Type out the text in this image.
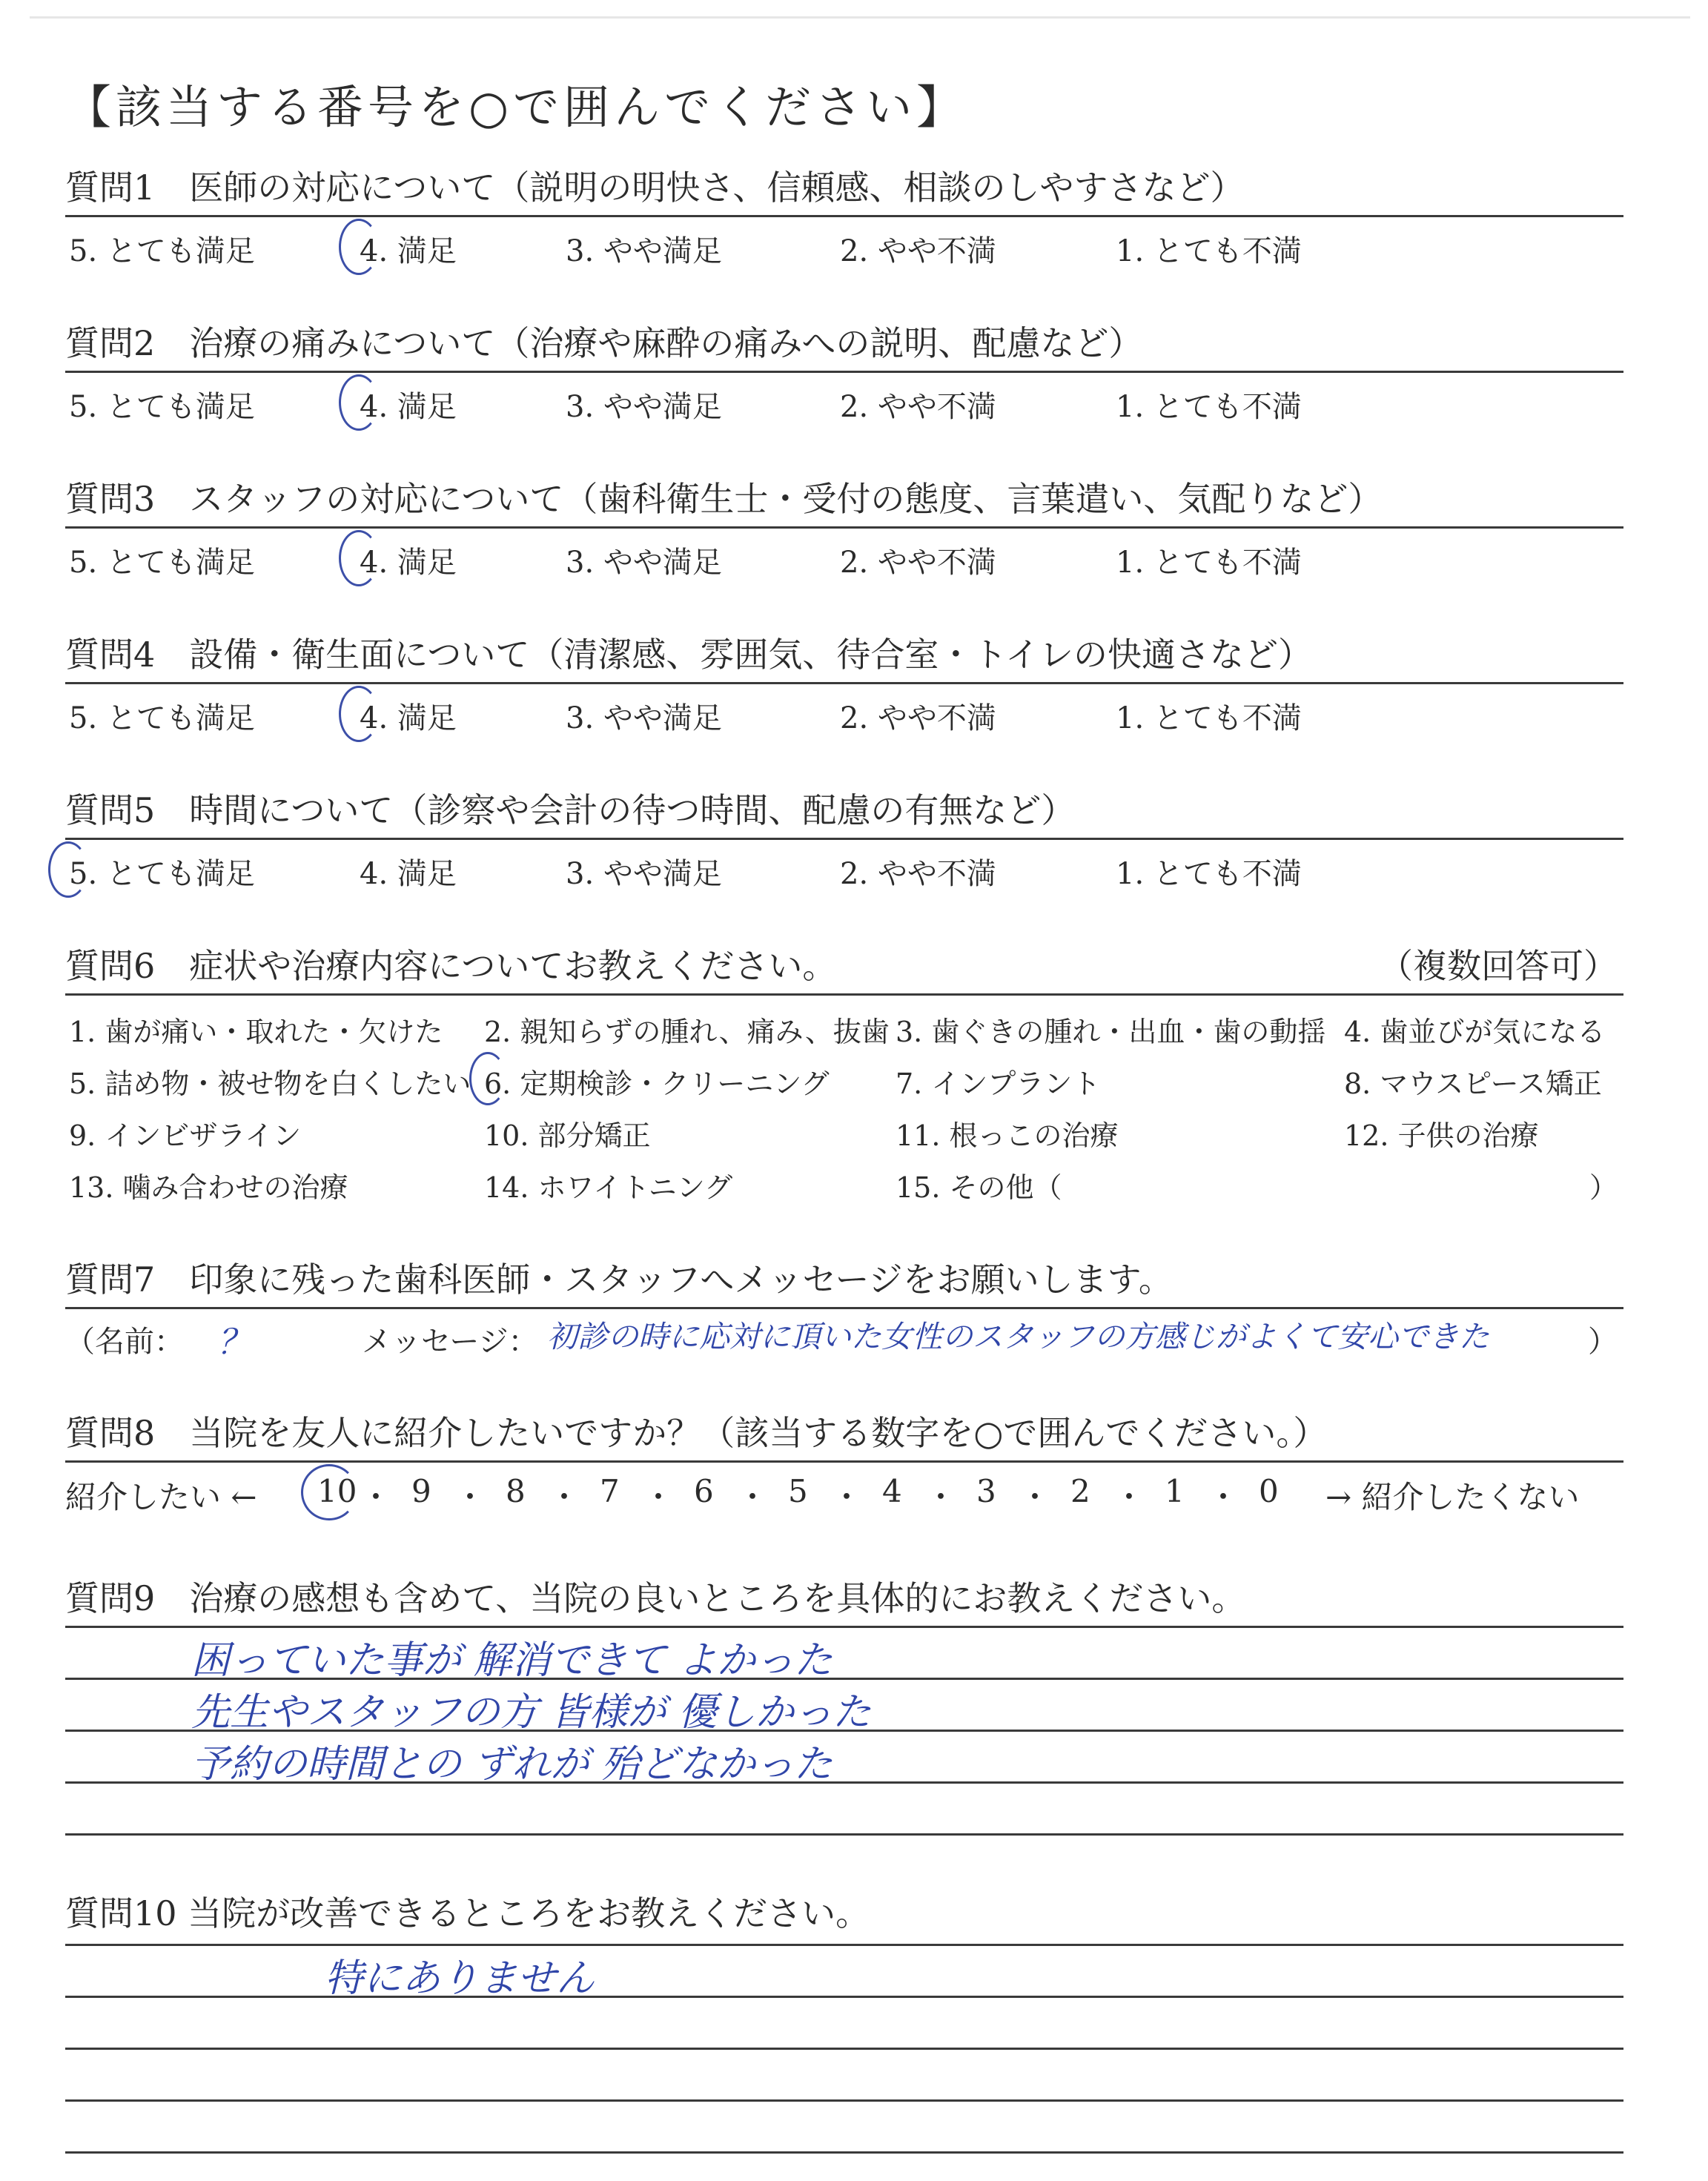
【該当する番号を○で囲んでください】
質問1　医師の対応について（説明の明快さ、信頼感、相談のしやすさなど）
5. とても満足	4. 満足	3. やや満足	2. やや不満	1. とても不満
質問2　治療の痛みについて（治療や麻酔の痛みへの説明、配慮など）
5. とても満足	4. 満足	3. やや満足	2. やや不満	1. とても不満
質問3　スタッフの対応について（歯科衛生士・受付の態度、言葉遣い、気配りなど）
5. とても満足	4. 満足	3. やや満足	2. やや不満	1. とても不満
質問4　設備・衛生面について（清潔感、雰囲気、待合室・トイレの快適さなど）
5. とても満足	4. 満足	3. やや満足	2. やや不満	1. とても不満
質問5　時間について（診察や会計の待つ時間、配慮の有無など）
5. とても満足	4. 満足	3. やや満足	2. やや不満	1. とても不満
質問6　症状や治療内容についてお教えください。	（複数回答可）
）
1. 歯が痛い・取れた・欠けた 2. 親知らずの腫れ、痛み、抜歯 3. 歯ぐきの腫れ・出血・歯の動揺 4. 歯並びが気になる
5. 詰め物・被せ物を白くしたい 6. 定期検診・クリーニング 7. インプラント	8. マウスピース矯正
9. インビザライン	10. 部分矯正	11. 根っこの治療	12. 子供の治療
13. 噛み合わせの治療	14. ホワイトニング	15. その他（
質問7　印象に残った歯科医師・スタッフへメッセージをお願いします。
（名前： ？	メッセージ： 初診の時に応対に頂いた女性のスタッフの方感じがよくて安心できた	）
質問8　当院を友人に紹介したいですか？（該当する数字を○で囲んでください。）
紹介したい ←	→ 紹介したくない
10 ・ 9 ・ 8 ・ 7 ・ 6 ・ 5 ・ 4 ・ 3 ・ 2 ・ 1 ・ 0
質問9　治療の感想も含めて、当院の良いところを具体的にお教えください。
困っていた事が 解消できて よかった
先生やスタッフの方 皆様が 優しかった
予約の時間との ずれが 殆どなかった
質問10 当院が改善できるところをお教えください。
特にありません
